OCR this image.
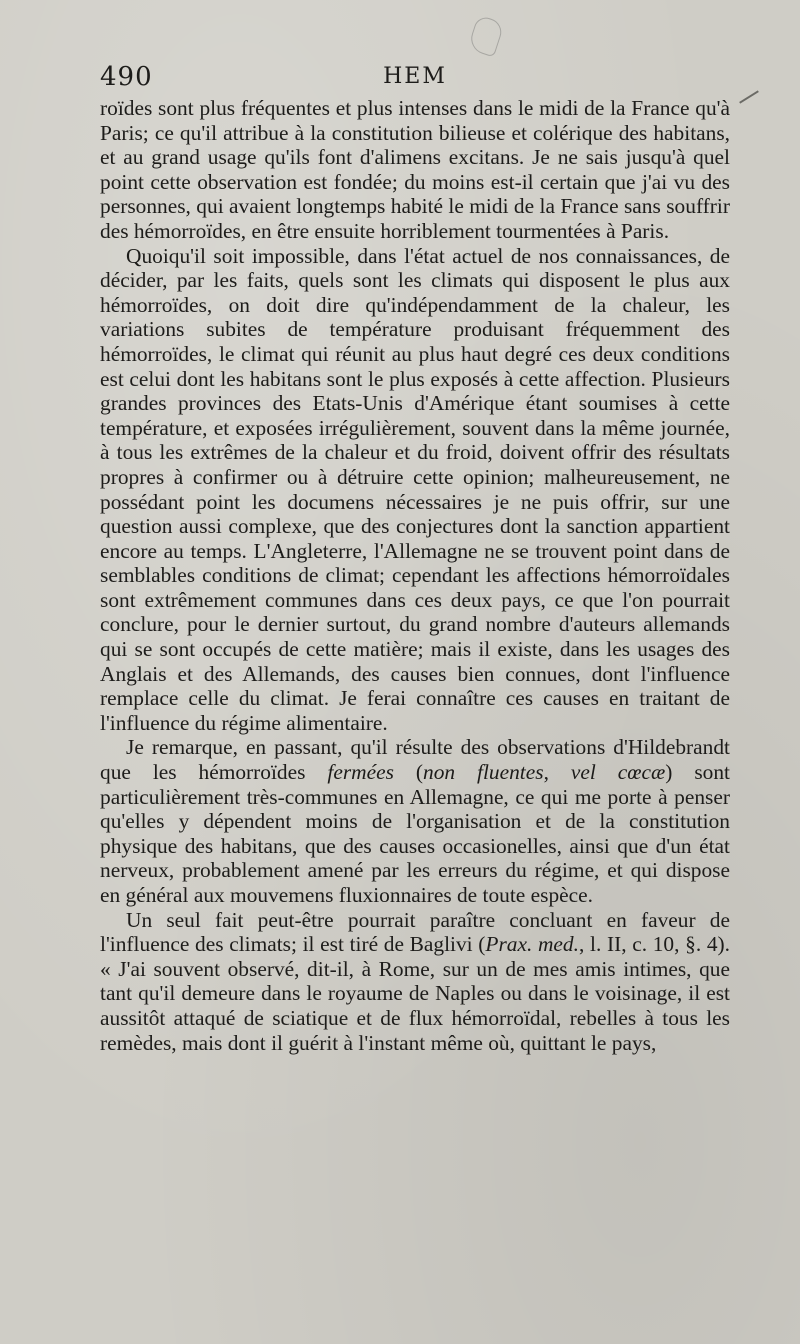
490	HEM

roïdes sont plus fréquentes et plus intenses dans le midi de la France qu'à Paris; ce qu'il attribue à la constitution bilieuse et colérique des habitans, et au grand usage qu'ils font d'alimens excitans. Je ne sais jusqu'à quel point cette observation est fondée; du moins est-il certain que j'ai vu des personnes, qui avaient longtemps habité le midi de la France sans souffrir des hémorroïdes, en être ensuite horriblement tourmentées à Paris.

Quoiqu'il soit impossible, dans l'état actuel de nos connaissances, de décider, par les faits, quels sont les climats qui disposent le plus aux hémorroïdes, on doit dire qu'indépendamment de la chaleur, les variations subites de température produisant fréquemment des hémorroïdes, le climat qui réunit au plus haut degré ces deux conditions est celui dont les habitans sont le plus exposés à cette affection. Plusieurs grandes provinces des Etats-Unis d'Amérique étant soumises à cette température, et exposées irrégulièrement, souvent dans la même journée, à tous les extrêmes de la chaleur et du froid, doivent offrir des résultats propres à confirmer ou à détruire cette opinion; malheureusement, ne possédant point les documens nécessaires je ne puis offrir, sur une question aussi complexe, que des conjectures dont la sanction appartient encore au temps. L'Angleterre, l'Allemagne ne se trouvent point dans de semblables conditions de climat; cependant les affections hémorroïdales sont extrêmement communes dans ces deux pays, ce que l'on pourrait conclure, pour le dernier surtout, du grand nombre d'auteurs allemands qui se sont occupés de cette matière; mais il existe, dans les usages des Anglais et des Allemands, des causes bien connues, dont l'influence remplace celle du climat. Je ferai connaître ces causes en traitant de l'influence du régime alimentaire.

Je remarque, en passant, qu'il résulte des observations d'Hildebrandt que les hémorroïdes fermées (non fluentes, vel cœcæ) sont particulièrement très-communes en Allemagne, ce qui me porte à penser qu'elles y dépendent moins de l'organisation et de la constitution physique des habitans, que des causes occasionelles, ainsi que d'un état nerveux, probablement amené par les erreurs du régime, et qui dispose en général aux mouvemens fluxionnaires de toute espèce.

Un seul fait peut-être pourrait paraître concluant en faveur de l'influence des climats; il est tiré de Baglivi (Prax. med., l. II, c. 10, §. 4). « J'ai souvent observé, dit-il, à Rome, sur un de mes amis intimes, que tant qu'il demeure dans le royaume de Naples ou dans le voisinage, il est aussitôt attaqué de sciatique et de flux hémorroïdal, rebelles à tous les remèdes, mais dont il guérit à l'instant même où, quittant le pays,
